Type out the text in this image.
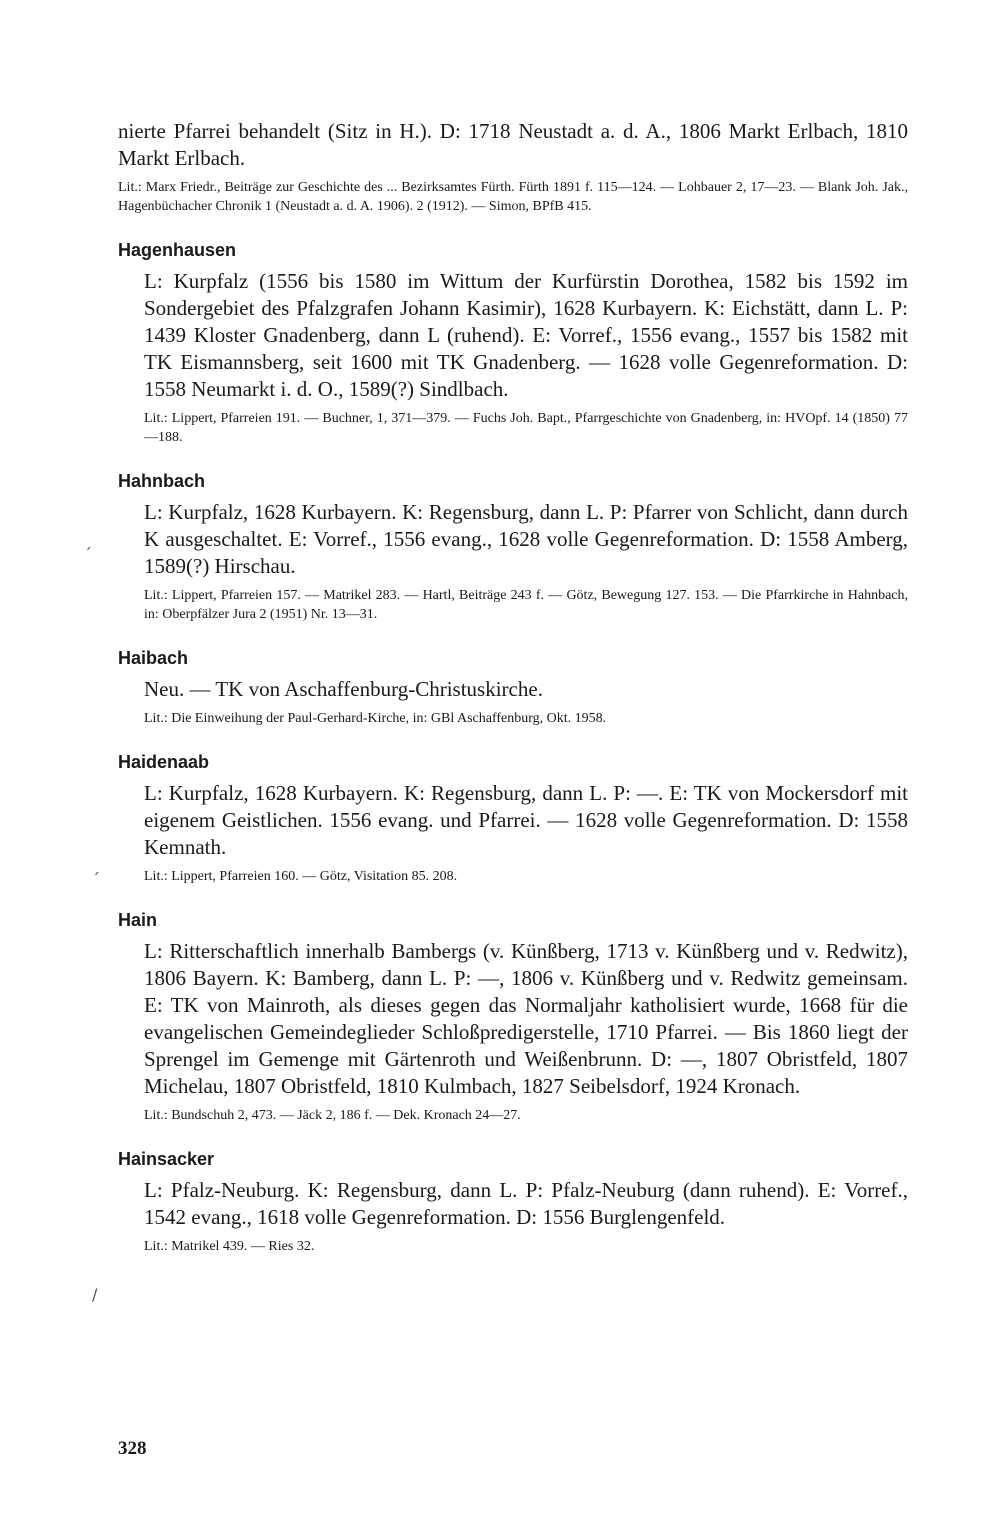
nierte Pfarrei behandelt (Sitz in H.). D: 1718 Neustadt a. d. A., 1806 Markt Erlbach, 1810 Markt Erlbach.

Lit.: Marx Friedr., Beiträge zur Geschichte des ... Bezirksamtes Fürth. Fürth 1891 f. 115—124. — Lohbauer 2, 17—23. — Blank Joh. Jak., Hagenbüchacher Chronik 1 (Neustadt a. d. A. 1906). 2 (1912). — Simon, BPfB 415.

Hagenhausen

L: Kurpfalz (1556 bis 1580 im Wittum der Kurfürstin Dorothea, 1582 bis 1592 im Sondergebiet des Pfalzgrafen Johann Kasimir), 1628 Kurbayern. K: Eichstätt, dann L. P: 1439 Kloster Gnadenberg, dann L (ruhend). E: Vorref., 1556 evang., 1557 bis 1582 mit TK Eismannsberg, seit 1600 mit TK Gnadenberg. — 1628 volle Gegenreformation. D: 1558 Neumarkt i. d. O., 1589(?) Sindlbach.

Lit.: Lippert, Pfarreien 191. — Buchner, 1, 371—379. — Fuchs Joh. Bapt., Pfarrgeschichte von Gnadenberg, in: HVOpf. 14 (1850) 77—188.

Hahnbach

L: Kurpfalz, 1628 Kurbayern. K: Regensburg, dann L. P: Pfarrer von Schlicht, dann durch K ausgeschaltet. E: Vorref., 1556 evang., 1628 volle Gegenreformation. D: 1558 Amberg, 1589(?) Hirschau.

Lit.: Lippert, Pfarreien 157. — Matrikel 283. — Hartl, Beiträge 243 f. — Götz, Bewegung 127. 153. — Die Pfarrkirche in Hahnbach, in: Oberpfälzer Jura 2 (1951) Nr. 13—31.

Haibach

Neu. — TK von Aschaffenburg-Christuskirche.

Lit.: Die Einweihung der Paul-Gerhard-Kirche, in: GBl Aschaffenburg, Okt. 1958.

Haidenaab

L: Kurpfalz, 1628 Kurbayern. K: Regensburg, dann L. P: —. E: TK von Mockersdorf mit eigenem Geistlichen. 1556 evang. und Pfarrei. — 1628 volle Gegenreformation. D: 1558 Kemnath.

Lit.: Lippert, Pfarreien 160. — Götz, Visitation 85. 208.

Hain

L: Ritterschaftlich innerhalb Bambergs (v. Künßberg, 1713 v. Künßberg und v. Redwitz), 1806 Bayern. K: Bamberg, dann L. P: —, 1806 v. Künßberg und v. Redwitz gemeinsam. E: TK von Mainroth, als dieses gegen das Normaljahr katholisiert wurde, 1668 für die evangelischen Gemeindeglieder Schloßpredigerstelle, 1710 Pfarrei. — Bis 1860 liegt der Sprengel im Gemenge mit Gärtenroth und Weißenbrunn. D: —, 1807 Obristfeld, 1807 Michelau, 1807 Obristfeld, 1810 Kulmbach, 1827 Seibelsdorf, 1924 Kronach.

Lit.: Bundschuh 2, 473. — Jäck 2, 186 f. — Dek. Kronach 24—27.

Hainsacker

L: Pfalz-Neuburg. K: Regensburg, dann L. P: Pfalz-Neuburg (dann ruhend). E: Vorref., 1542 evang., 1618 volle Gegenreformation. D: 1556 Burglengenfeld.

Lit.: Matrikel 439. — Ries 32.

ˊ
ˊ
/
328
